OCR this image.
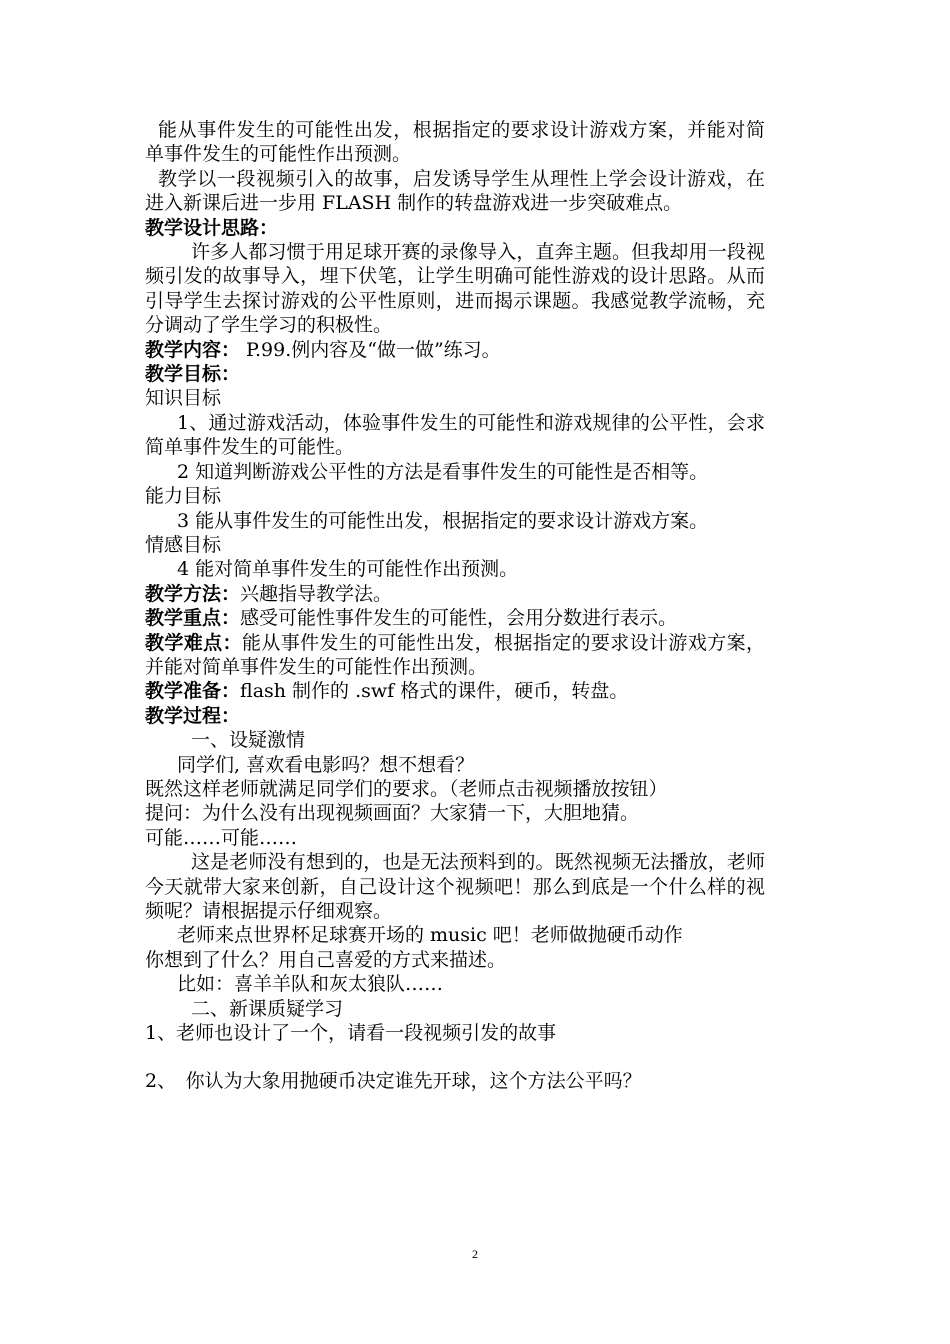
能从事件发生的可能性出发，根据指定的要求设计游戏方案，并能对简单事件发生的可能性作出预测。

教学以一段视频引入的故事，启发诱导学生从理性上学会设计游戏，在进入新课后进一步用 FLASH 制作的转盘游戏进一步突破难点。

教学设计思路：

许多人都习惯于用足球开赛的录像导入，直奔主题。但我却用一段视频引发的故事导入，埋下伏笔，让学生明确可能性游戏的设计思路。从而引导学生去探讨游戏的公平性原则，进而揭示课题。我感觉教学流畅，充分调动了学生学习的积极性。

教学内容： P.99.例内容及“做一做”练习。

教学目标：

知识目标

1、通过游戏活动，体验事件发生的可能性和游戏规律的公平性，会求简单事件发生的可能性。

2 知道判断游戏公平性的方法是看事件发生的可能性是否相等。

能力目标

3 能从事件发生的可能性出发，根据指定的要求设计游戏方案。

情感目标

4 能对简单事件发生的可能性作出预测。

教学方法：兴趣指导教学法。

教学重点：感受可能性事件发生的可能性，会用分数进行表示。

教学难点：能从事件发生的可能性出发，根据指定的要求设计游戏方案，并能对简单事件发生的可能性作出预测。

教学准备：flash 制作的 .swf 格式的课件，硬币，转盘。

教学过程：

一、设疑激情

同学们, 喜欢看电影吗？想不想看？

既然这样老师就满足同学们的要求。（老师点击视频播放按钮）

提问：为什么没有出现视频画面？大家猜一下，大胆地猜。

可能……可能……

这是老师没有想到的，也是无法预料到的。既然视频无法播放，老师今天就带大家来创新，自己设计这个视频吧！那么到底是一个什么样的视频呢？请根据提示仔细观察。

老师来点世界杯足球赛开场的 music 吧！老师做抛硬币动作

你想到了什么？用自己喜爱的方式来描述。

比如：喜羊羊队和灰太狼队……

二、新课质疑学习

1、老师也设计了一个，请看一段视频引发的故事

2、　你认为大象用抛硬币决定谁先开球，这个方法公平吗？

2
